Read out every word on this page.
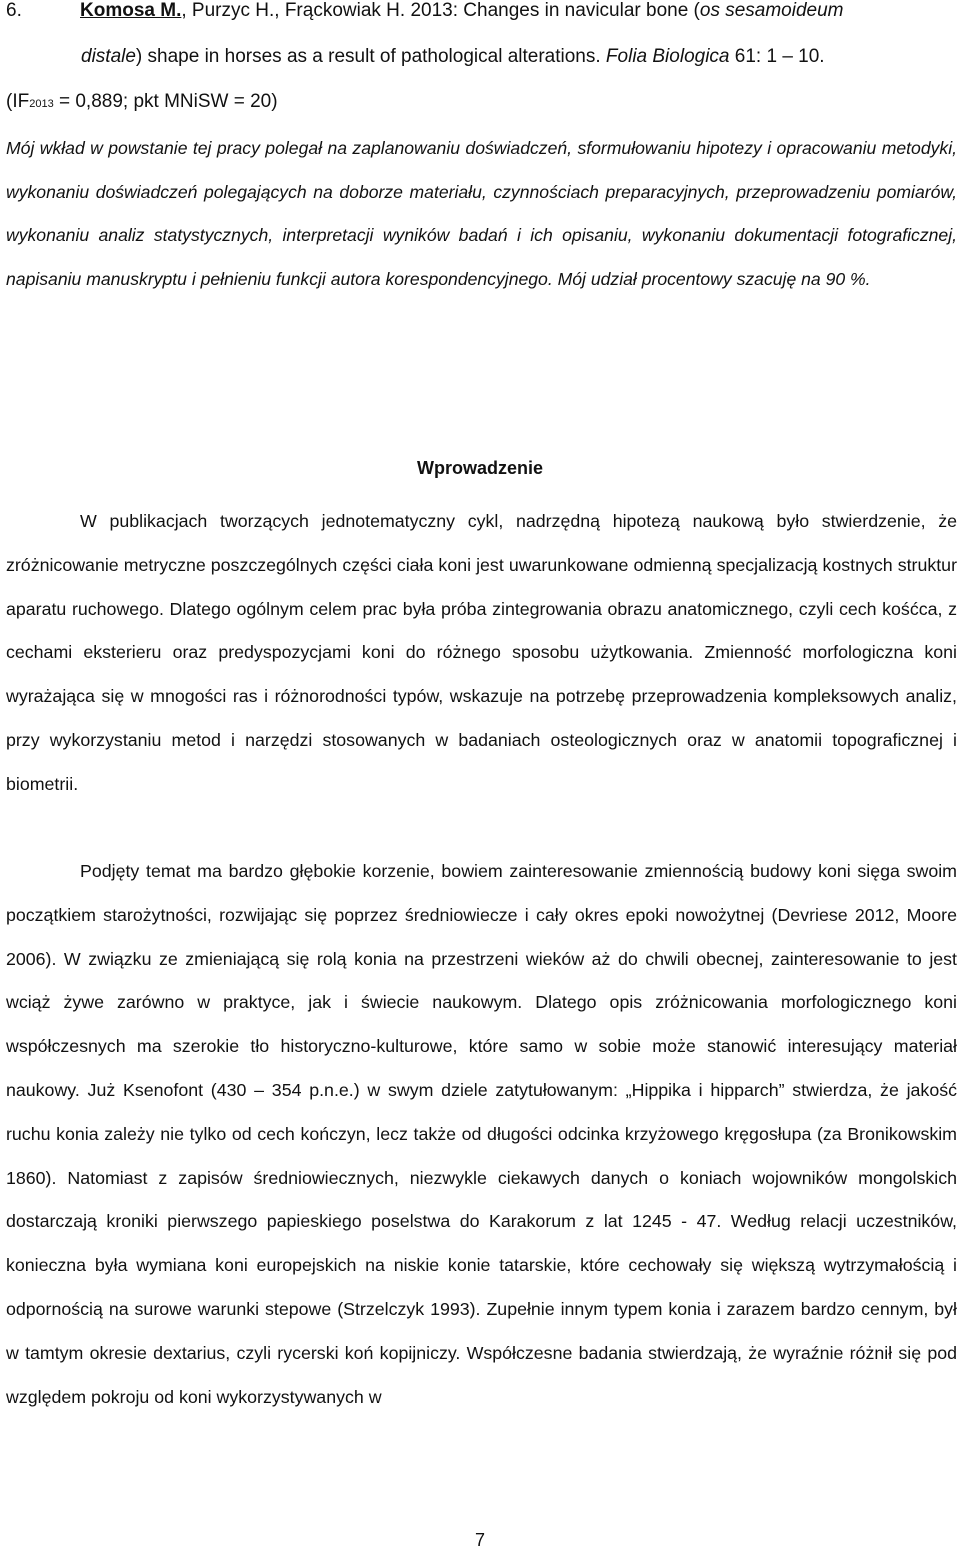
6.	Komosa M., Purzyc H., Frąckowiak H. 2013: Changes in navicular bone (os sesamoideum
distale) shape in horses as a result of pathological alterations. Folia Biologica 61: 1 – 10.
(IF2013 = 0,889; pkt MNiSW = 20)

Mój wkład w powstanie tej pracy polegał na zaplanowaniu doświadczeń, sformułowaniu hipotezy i opracowaniu metodyki, wykonaniu doświadczeń polegających na doborze materiału, czynnościach preparacyjnych, przeprowadzeniu pomiarów, wykonaniu analiz statystycznych, interpretacji wyników badań i ich opisaniu, wykonaniu dokumentacji fotograficznej, napisaniu manuskryptu i pełnieniu funkcji autora korespondencyjnego. Mój udział procentowy szacuję na 90 %.

Wprowadzenie

W publikacjach tworzących jednotematyczny cykl, nadrzędną hipotezą naukową było stwierdzenie, że zróżnicowanie metryczne poszczególnych części ciała koni jest uwarunkowane odmienną specjalizacją kostnych struktur aparatu ruchowego. Dlatego ogólnym celem prac była próba zintegrowania obrazu anatomicznego, czyli cech kośćca, z cechami eksterieru oraz predyspozycjami koni do różnego sposobu użytkowania. Zmienność morfologiczna koni wyrażająca się w mnogości ras i różnorodności typów, wskazuje na potrzebę przeprowadzenia kompleksowych analiz, przy wykorzystaniu metod i narzędzi stosowanych w badaniach osteologicznych oraz w anatomii topograficznej i biometrii.

Podjęty temat ma bardzo głębokie korzenie, bowiem zainteresowanie zmiennością budowy koni sięga swoim początkiem starożytności, rozwijając się poprzez średniowiecze i cały okres epoki nowożytnej (Devriese 2012, Moore 2006). W związku ze zmieniającą się rolą konia na przestrzeni wieków aż do chwili obecnej, zainteresowanie to jest wciąż żywe zarówno w praktyce, jak i świecie naukowym. Dlatego opis zróżnicowania morfologicznego koni współczesnych ma szerokie tło historyczno-kulturowe, które samo w sobie może stanowić interesujący materiał naukowy. Już Ksenofont (430 – 354 p.n.e.) w swym dziele zatytułowanym: „Hippika i hipparch” stwierdza, że jakość ruchu konia zależy nie tylko od cech kończyn, lecz także od długości odcinka krzyżowego kręgosłupa (za Bronikowskim 1860). Natomiast z zapisów średniowiecznych, niezwykle ciekawych danych o koniach wojowników mongolskich dostarczają kroniki pierwszego papieskiego poselstwa do Karakorum z lat 1245 - 47. Według relacji uczestników, konieczna była wymiana koni europejskich na niskie konie tatarskie, które cechowały się większą wytrzymałością i odpornością na surowe warunki stepowe (Strzelczyk 1993). Zupełnie innym typem konia i zarazem bardzo cennym, był w tamtym okresie dextarius, czyli rycerski koń kopijniczy. Współczesne badania stwierdzają, że wyraźnie różnił się pod względem pokroju od koni wykorzystywanych w

7
